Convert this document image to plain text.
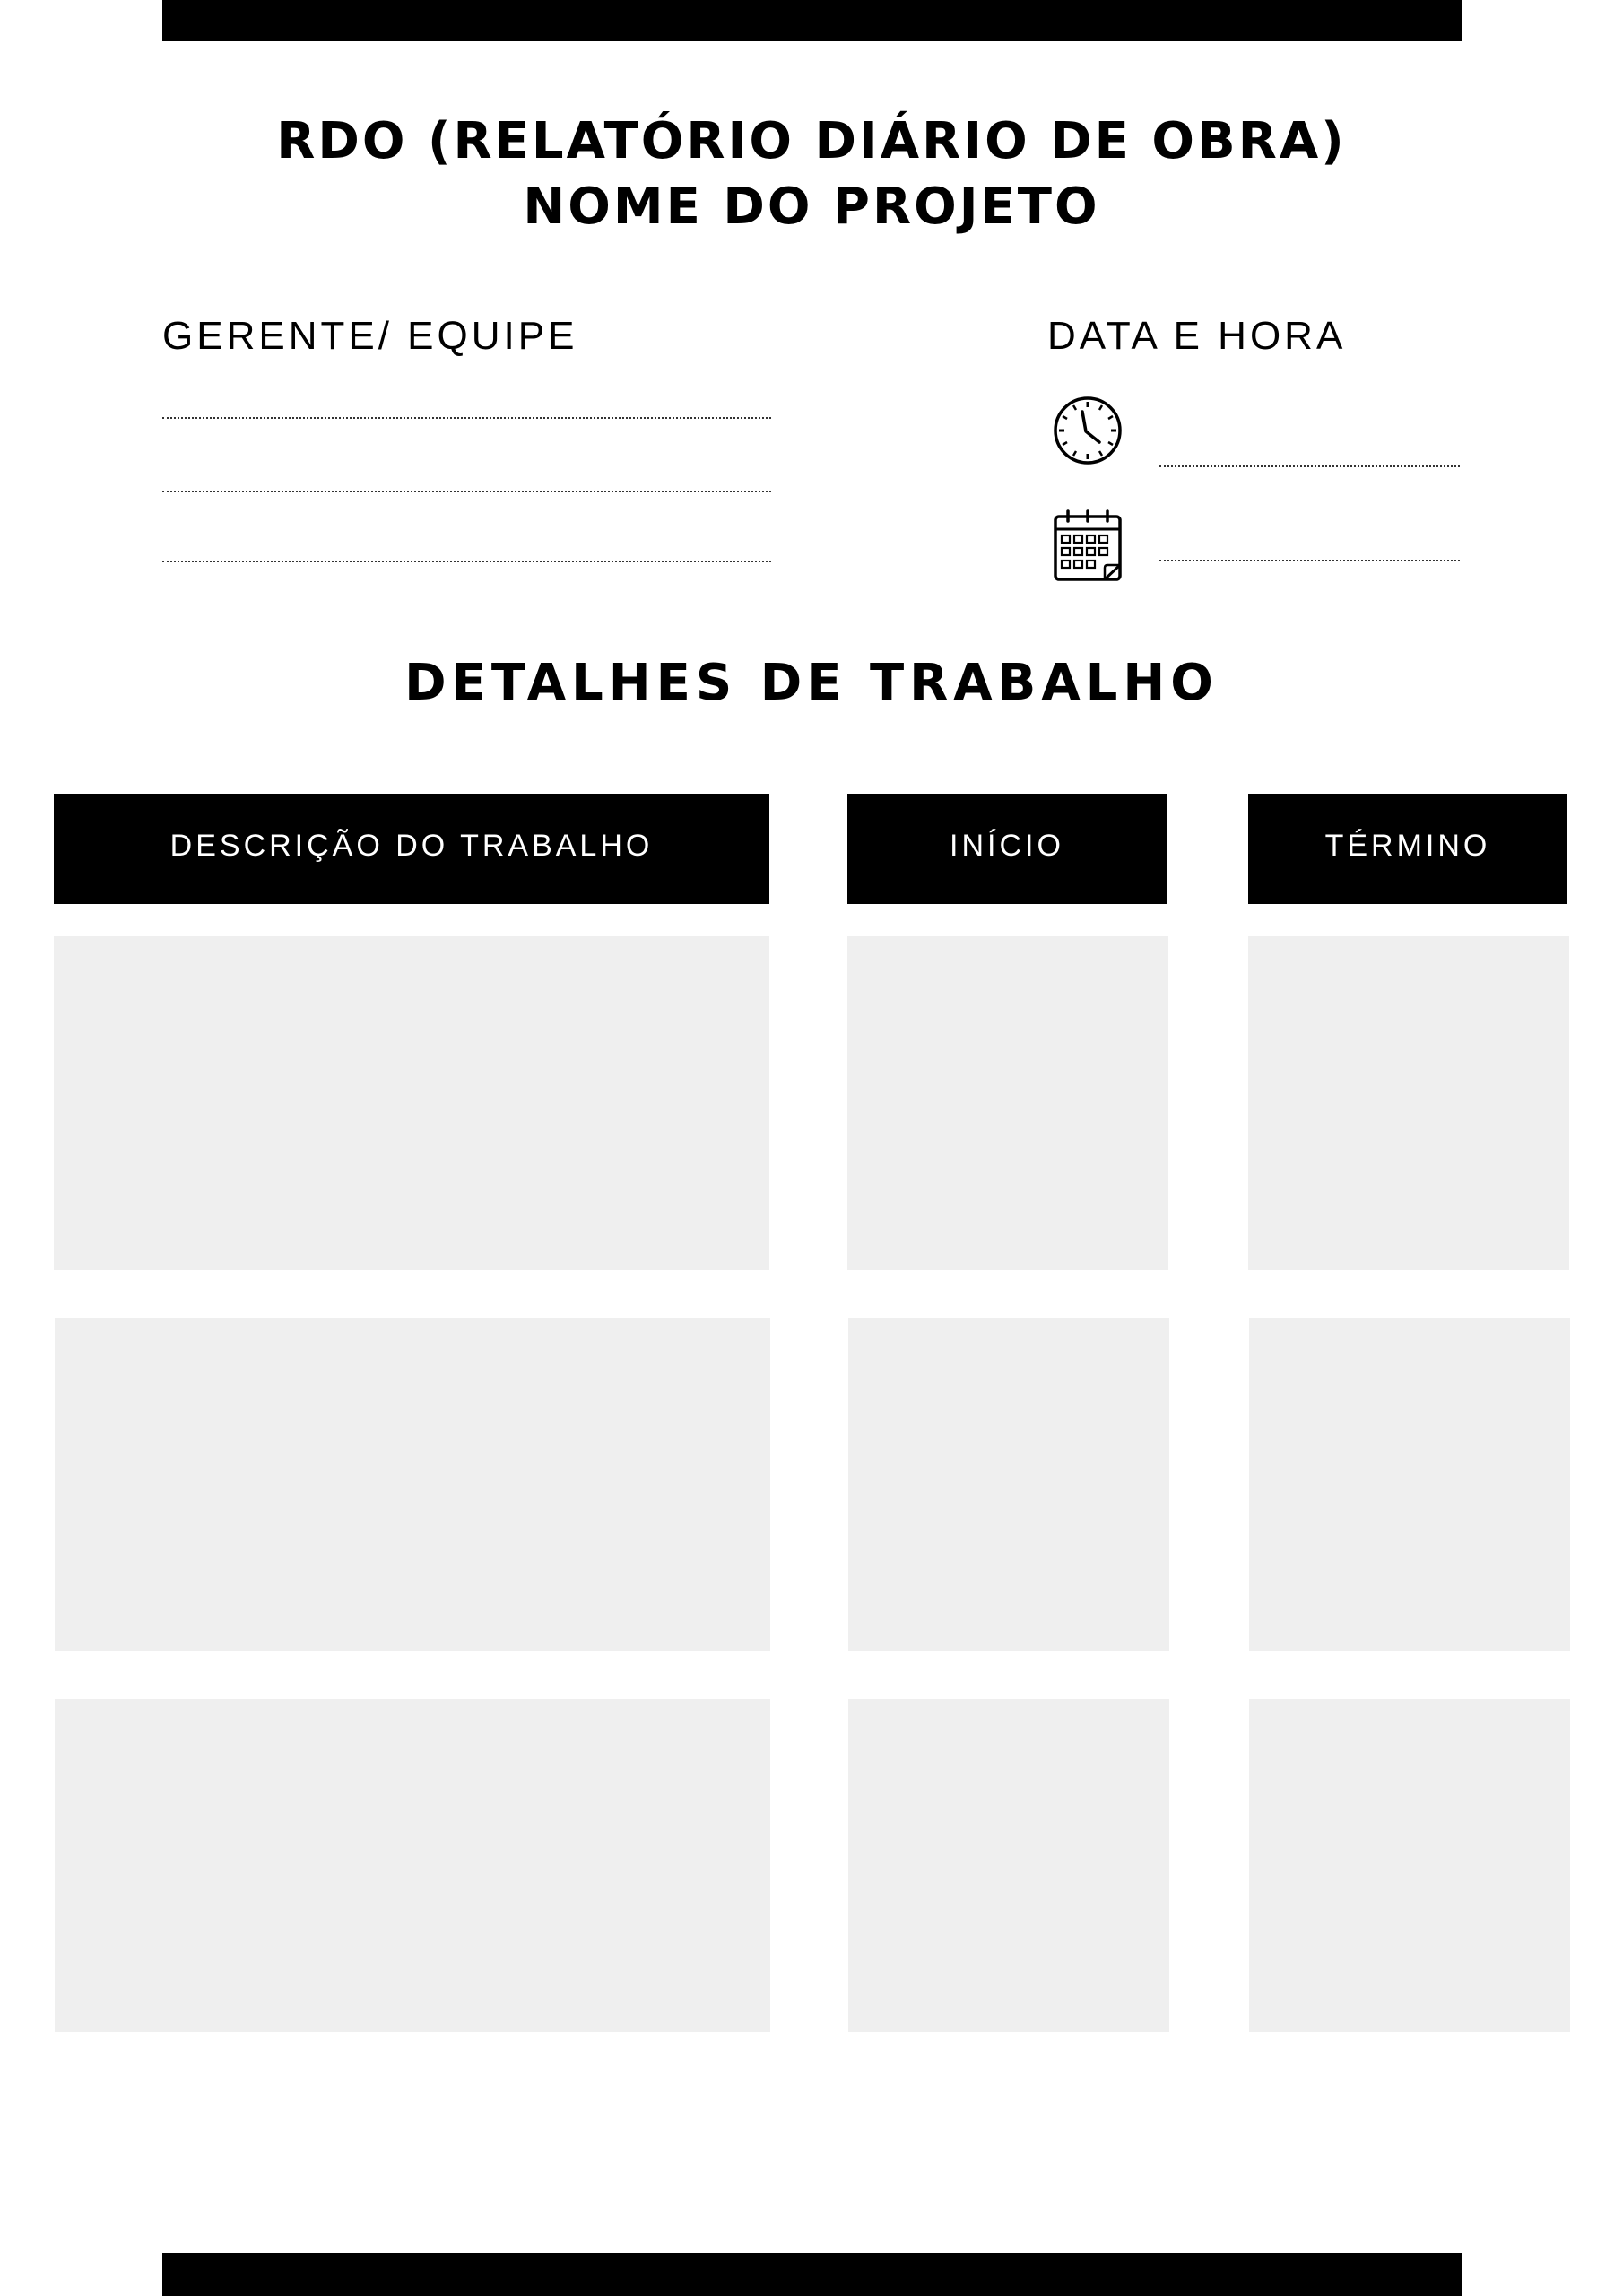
RDO (RELATÓRIO DIÁRIO DE OBRA)
NOME DO PROJETO
GERENTE/ EQUIPE	DATA E HORA
DETALHES DE TRABALHO
DESCRIÇÃO DO TRABALHO	INÍCIO	TÉRMINO
